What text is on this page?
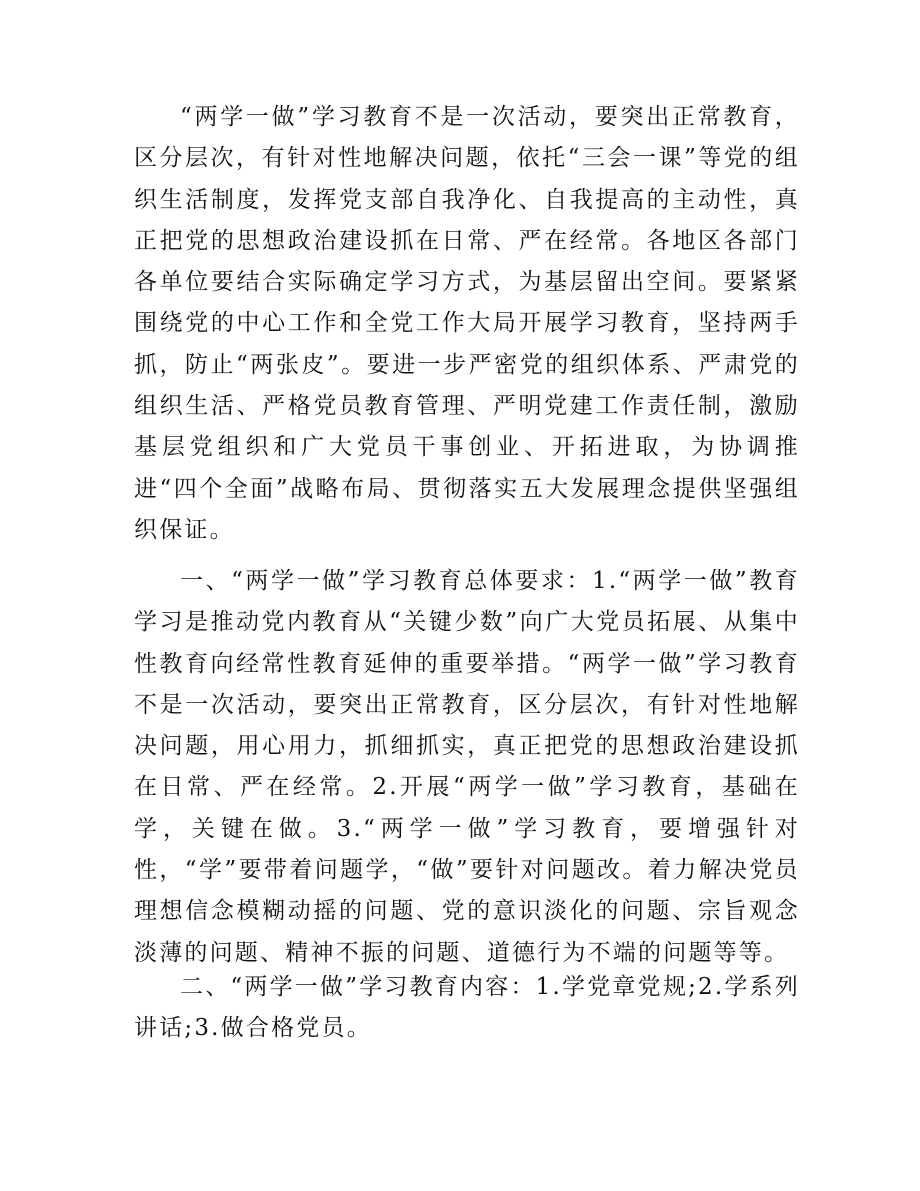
“两学一做”学习教育不是一次活动，要突出正常教育，区分层次，有针对性地解决问题，依托“三会一课”等党的组织生活制度，发挥党支部自我净化、自我提高的主动性，真正把党的思想政治建设抓在日常、严在经常。各地区各部门各单位要结合实际确定学习方式，为基层留出空间。要紧紧围绕党的中心工作和全党工作大局开展学习教育，坚持两手抓，防止“两张皮”。要进一步严密党的组织体系、严肃党的组织生活、严格党员教育管理、严明党建工作责任制，激励基层党组织和广大党员干事创业、开拓进取，为协调推进“四个全面”战略布局、贯彻落实五大发展理念提供坚强组织保证。

一、“两学一做”学习教育总体要求：1.“两学一做”教育学习是推动党内教育从“关键少数”向广大党员拓展、从集中性教育向经常性教育延伸的重要举措。“两学一做”学习教育不是一次活动，要突出正常教育，区分层次，有针对性地解决问题，用心用力，抓细抓实，真正把党的思想政治建设抓在日常、严在经常。2.开展“两学一做”学习教育，基础在学，关键在做。3.“两学一做”学习教育，要增强针对性，“学”要带着问题学，“做”要针对问题改。着力解决党员理想信念模糊动摇的问题、党的意识淡化的问题、宗旨观念淡薄的问题、精神不振的问题、道德行为不端的问题等等。

二、“两学一做”学习教育内容：1.学党章党规;2.学系列讲话;3.做合格党员。
